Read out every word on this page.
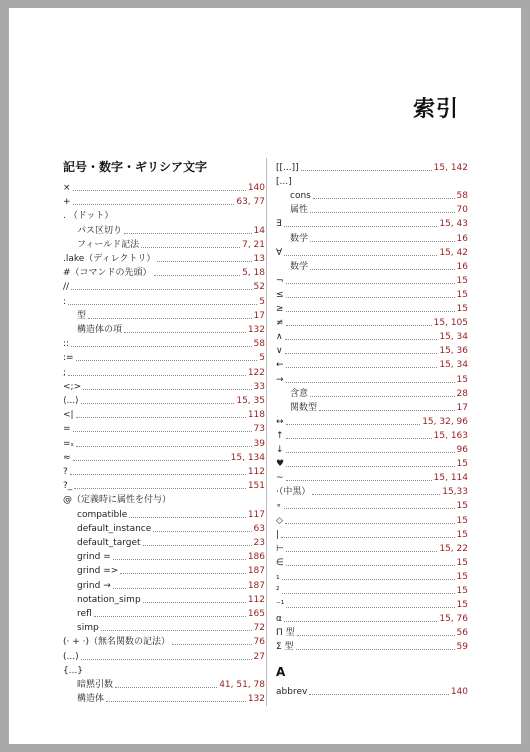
索引
記号・数字・ギリシア文字
×	140
+	63, 77
. （ドット）
パス区切り	14
フィールド記法	7, 21
.lake（ディレクトリ）	13
#（コマンドの先頭）	5, 18
//	52
:	5
型	17
構造体の項	132
::	58
:=	5
;	122
<;>	33
⟨...⟩	15, 35
<|	118
=	73
=ₛ	39
≈	15, 134
?	112
?_	151
@（定義時に属性を付与）
compatible	117
default_instance	63
default_target	23
grind =	186
grind =>	187
grind →	187
notation_simp	112
refl	165
simp	72
(· + ·)（無名関数の記法）	76
(...)	27
{...}
暗黙引数	41, 51, 78
構造体	132
[[...]]	15, 142
[...]
cons	58
属性	70
∃	15, 43
数学	16
∀	15, 42
数学	16
¬	15
≤	15
≥	15
≠	15, 105
∧	15, 34
∨	15, 36
←	15, 34
→	15
含意	28
関数型	17
↔	15, 32, 96
↑	15, 163
↓	96
♥	15
~	15, 114
·（中黒）	15,33
∘	15
◇	15
|	15
⊢	15, 22
∈	15
₁	15
²	15
⁻¹	15
α	15, 76
Π 型	56
Σ 型	59
A
abbrev	140
